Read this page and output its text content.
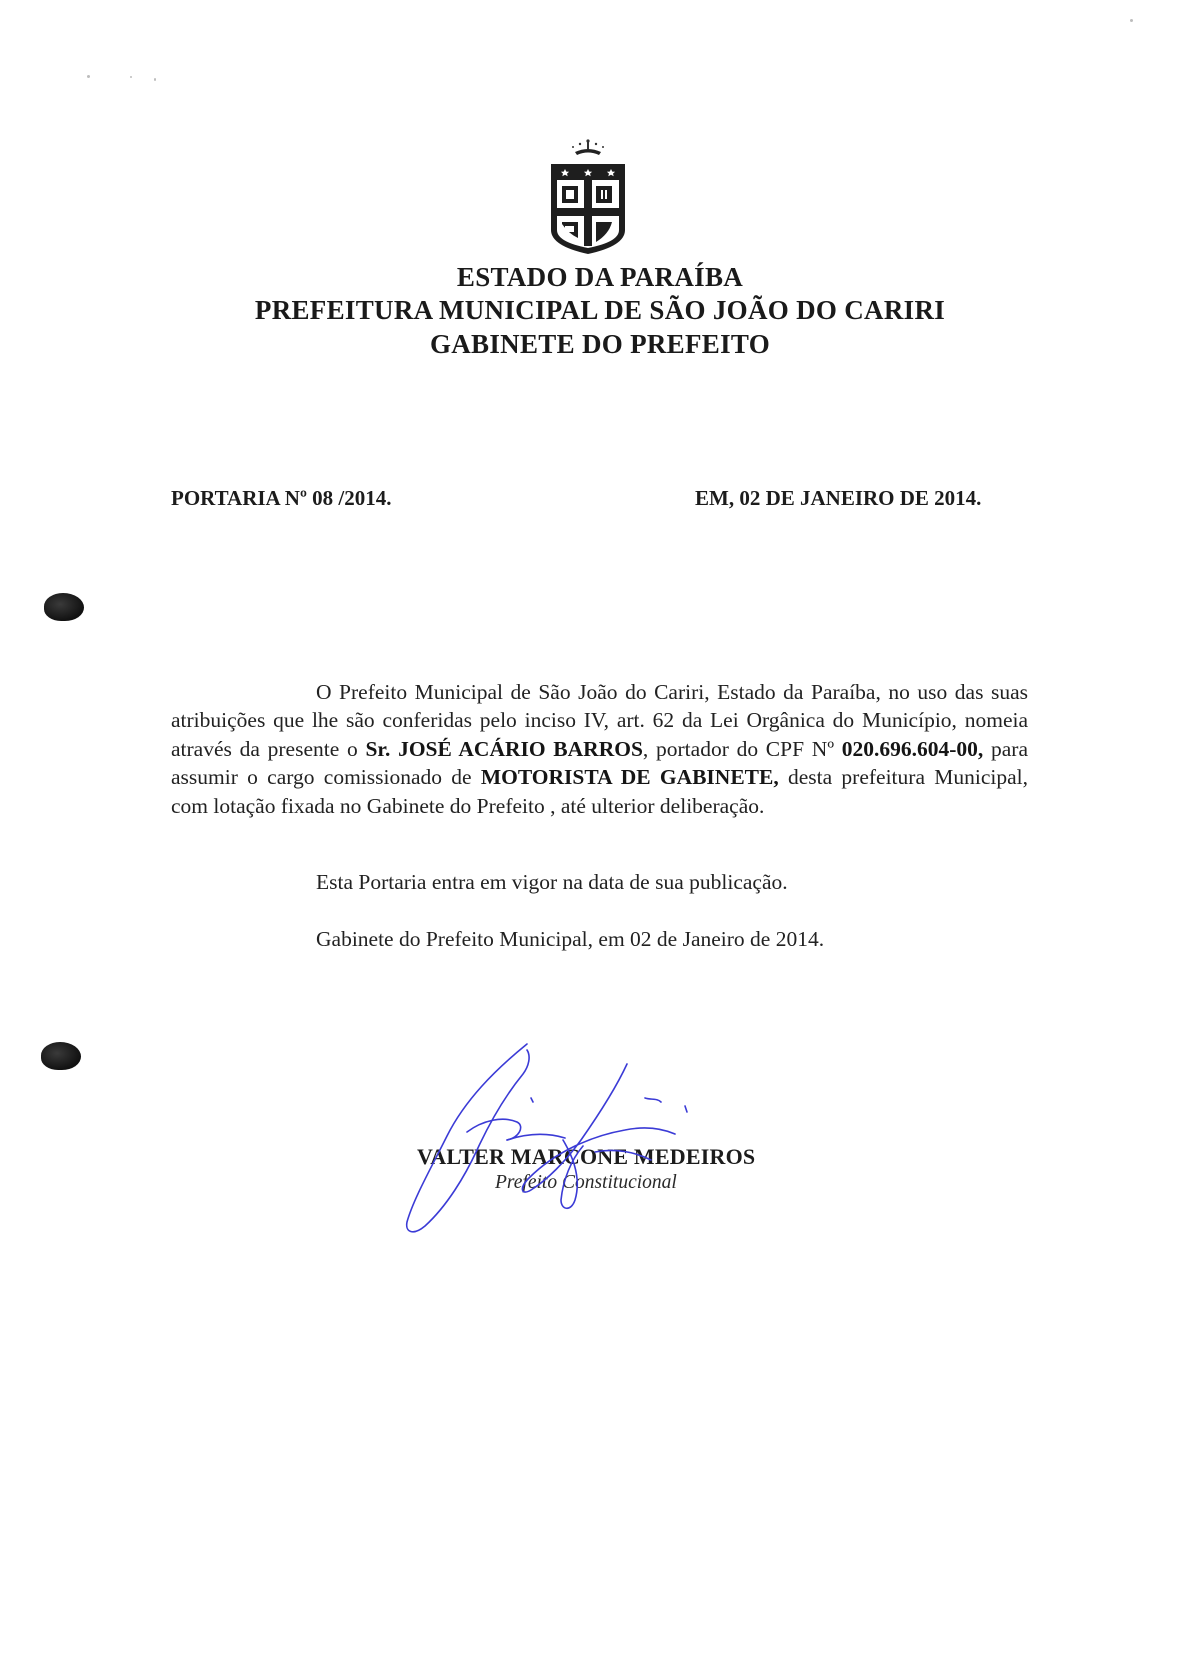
ESTADO DA PARAÍBA
PREFEITURA MUNICIPAL DE SÃO JOÃO DO CARIRI
GABINETE DO PREFEITO
PORTARIA Nº 08 /2014.	EM, 02 DE JANEIRO DE 2014.
O Prefeito Municipal de São João do Cariri, Estado da Paraíba, no uso das suas atribuições que lhe são conferidas pelo inciso IV, art. 62 da Lei Orgânica do Município, nomeia através da presente o Sr. JOSÉ ACÁRIO BARROS, portador do CPF Nº 020.696.604-00, para assumir o cargo comissionado de MOTORISTA DE GABINETE, desta prefeitura Municipal, com lotação fixada no Gabinete do Prefeito , até ulterior deliberação.
Esta Portaria entra em vigor na data de sua publicação.
Gabinete do Prefeito Municipal, em 02 de Janeiro de 2014.
VALTER MARCONE MEDEIROS
Prefeito Constitucional
